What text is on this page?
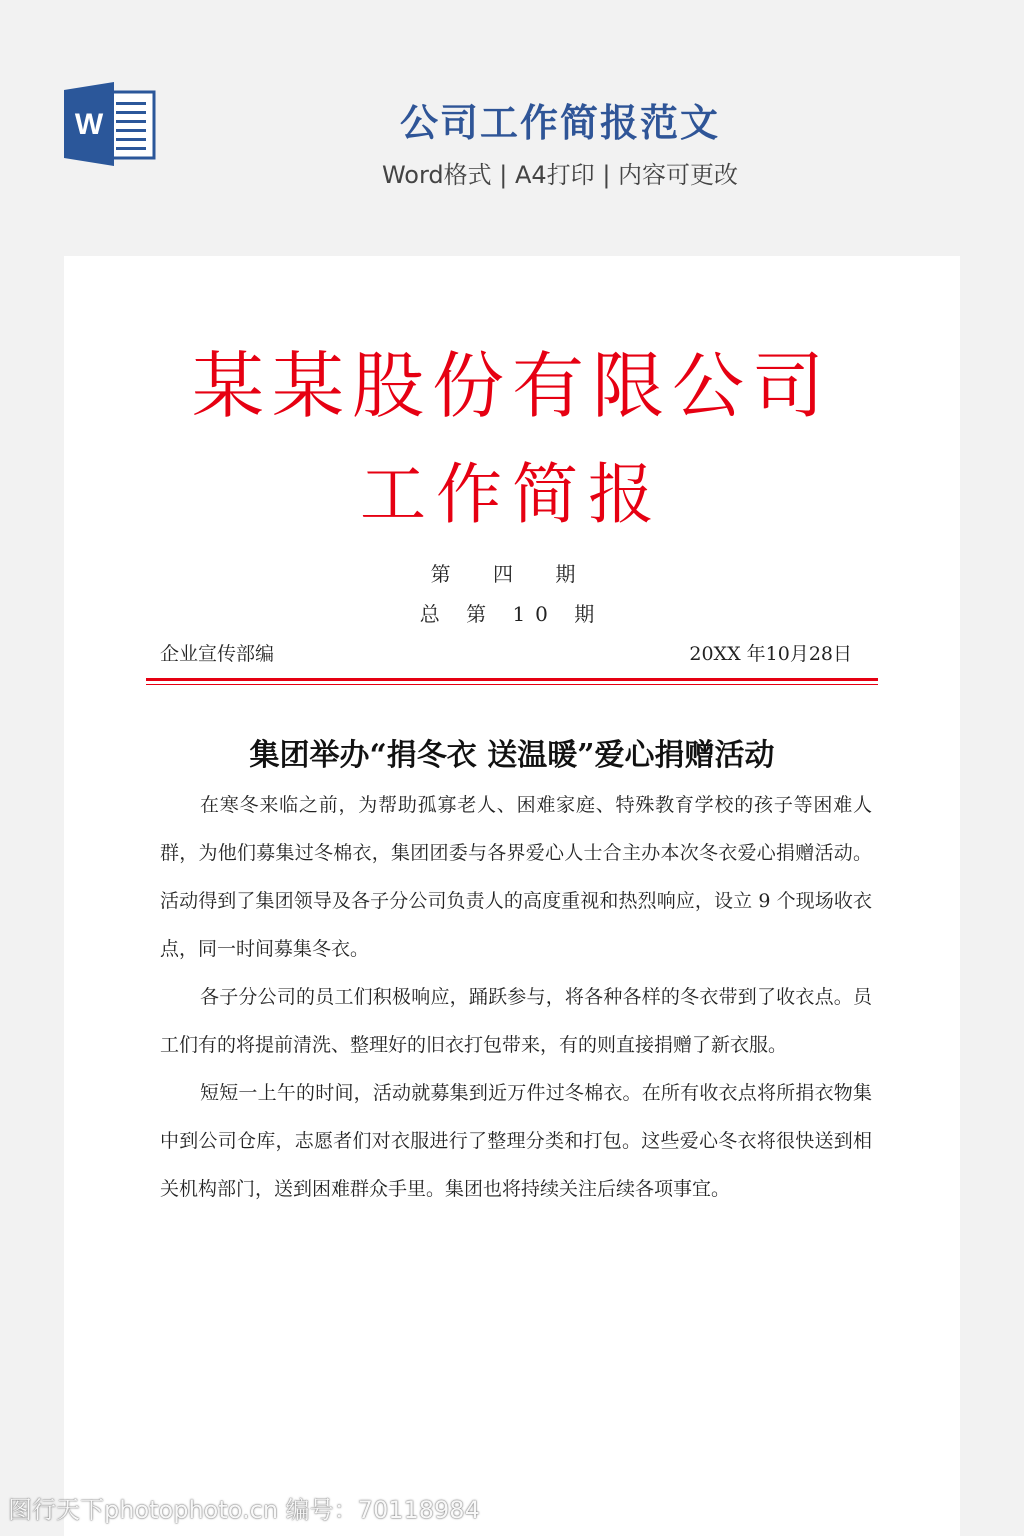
W	公司工作简报范文
Word格式 | A4打印 | 内容可更改
某某股份有限公司
工作简报
第 四 期
总 第 10 期
企业宣传部编	20XX 年10月28日
集团举办“捐冬衣 送温暖”爱心捐赠活动

在寒冬来临之前，为帮助孤寡老人、困难家庭、特殊教育学校的孩子等困难人群，为他们募集过冬棉衣，集团团委与各界爱心人士合主办本次冬衣爱心捐赠活动。活动得到了集团领导及各子分公司负责人的高度重视和热烈响应，设立 9 个现场收衣点，同一时间募集冬衣。

各子分公司的员工们积极响应，踊跃参与，将各种各样的冬衣带到了收衣点。员工们有的将提前清洗、整理好的旧衣打包带来，有的则直接捐赠了新衣服。

短短一上午的时间，活动就募集到近万件过冬棉衣。在所有收衣点将所捐衣物集中到公司仓库，志愿者们对衣服进行了整理分类和打包。这些爱心冬衣将很快送到相关机构部门，送到困难群众手里。集团也将持续关注后续各项事宜。

图行天下photophoto.cn 编号：70118984
